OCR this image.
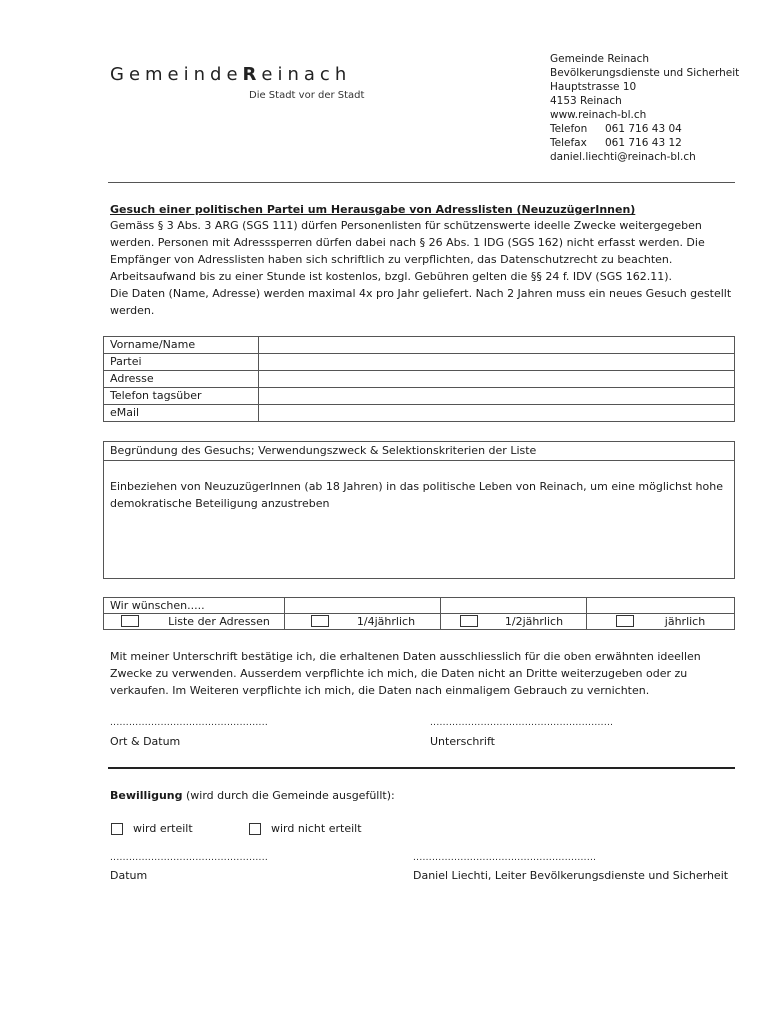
GemeindeReinach
Die Stadt vor der Stadt
Gemeinde Reinach
Bevölkerungsdienste und Sicherheit
Hauptstrasse 10
4153 Reinach
www.reinach-bl.ch
Telefon 061 716 43 04
Telefax 061 716 43 12
daniel.liechti@reinach-bl.ch
Gesuch einer politischen Partei um Herausgabe von Adresslisten (NeuzuzügerInnen)
Gemäss § 3 Abs. 3 ARG (SGS 111) dürfen Personenlisten für schützenswerte ideelle Zwecke weitergegeben
werden. Personen mit Adresssperren dürfen dabei nach § 26 Abs. 1 IDG (SGS 162) nicht erfasst werden. Die
Empfänger von Adresslisten haben sich schriftlich zu verpflichten, das Datenschutzrecht zu beachten.
Arbeitsaufwand bis zu einer Stunde ist kostenlos, bzgl. Gebühren gelten die §§ 24 f. IDV (SGS 162.11).
Die Daten (Name, Adresse) werden maximal 4x pro Jahr geliefert. Nach 2 Jahren muss ein neues Gesuch gestellt
werden.
Vorname/Name	
Partei	
Adresse	
Telefon tagsüber	
eMail	
Begründung des Gesuchs; Verwendungszweck & Selektionskriterien der Liste
Einbeziehen von NeuzuzügerInnen (ab 18 Jahren) in das politische Leben von Reinach, um eine möglichst hohe
demokratische Beteiligung anzustreben
Wir wünschen.....
Liste der Adressen	1/4jährlich	1/2jährlich	jährlich
Mit meiner Unterschrift bestätige ich, die erhaltenen Daten ausschliesslich für die oben erwähnten ideellen
Zwecke zu verwenden. Ausserdem verpflichte ich mich, die Daten nicht an Dritte weiterzugeben oder zu
verkaufen. Im Weiteren verpflichte ich mich, die Daten nach einmaligem Gebrauch zu vernichten.
..................................................	..........................................................
Ort & Datum	Unterschrift
Bewilligung (wird durch die Gemeinde ausgefüllt):
wird erteilt	wird nicht erteilt
..................................................	..........................................................
Datum	Daniel Liechti, Leiter Bevölkerungsdienste und Sicherheit
